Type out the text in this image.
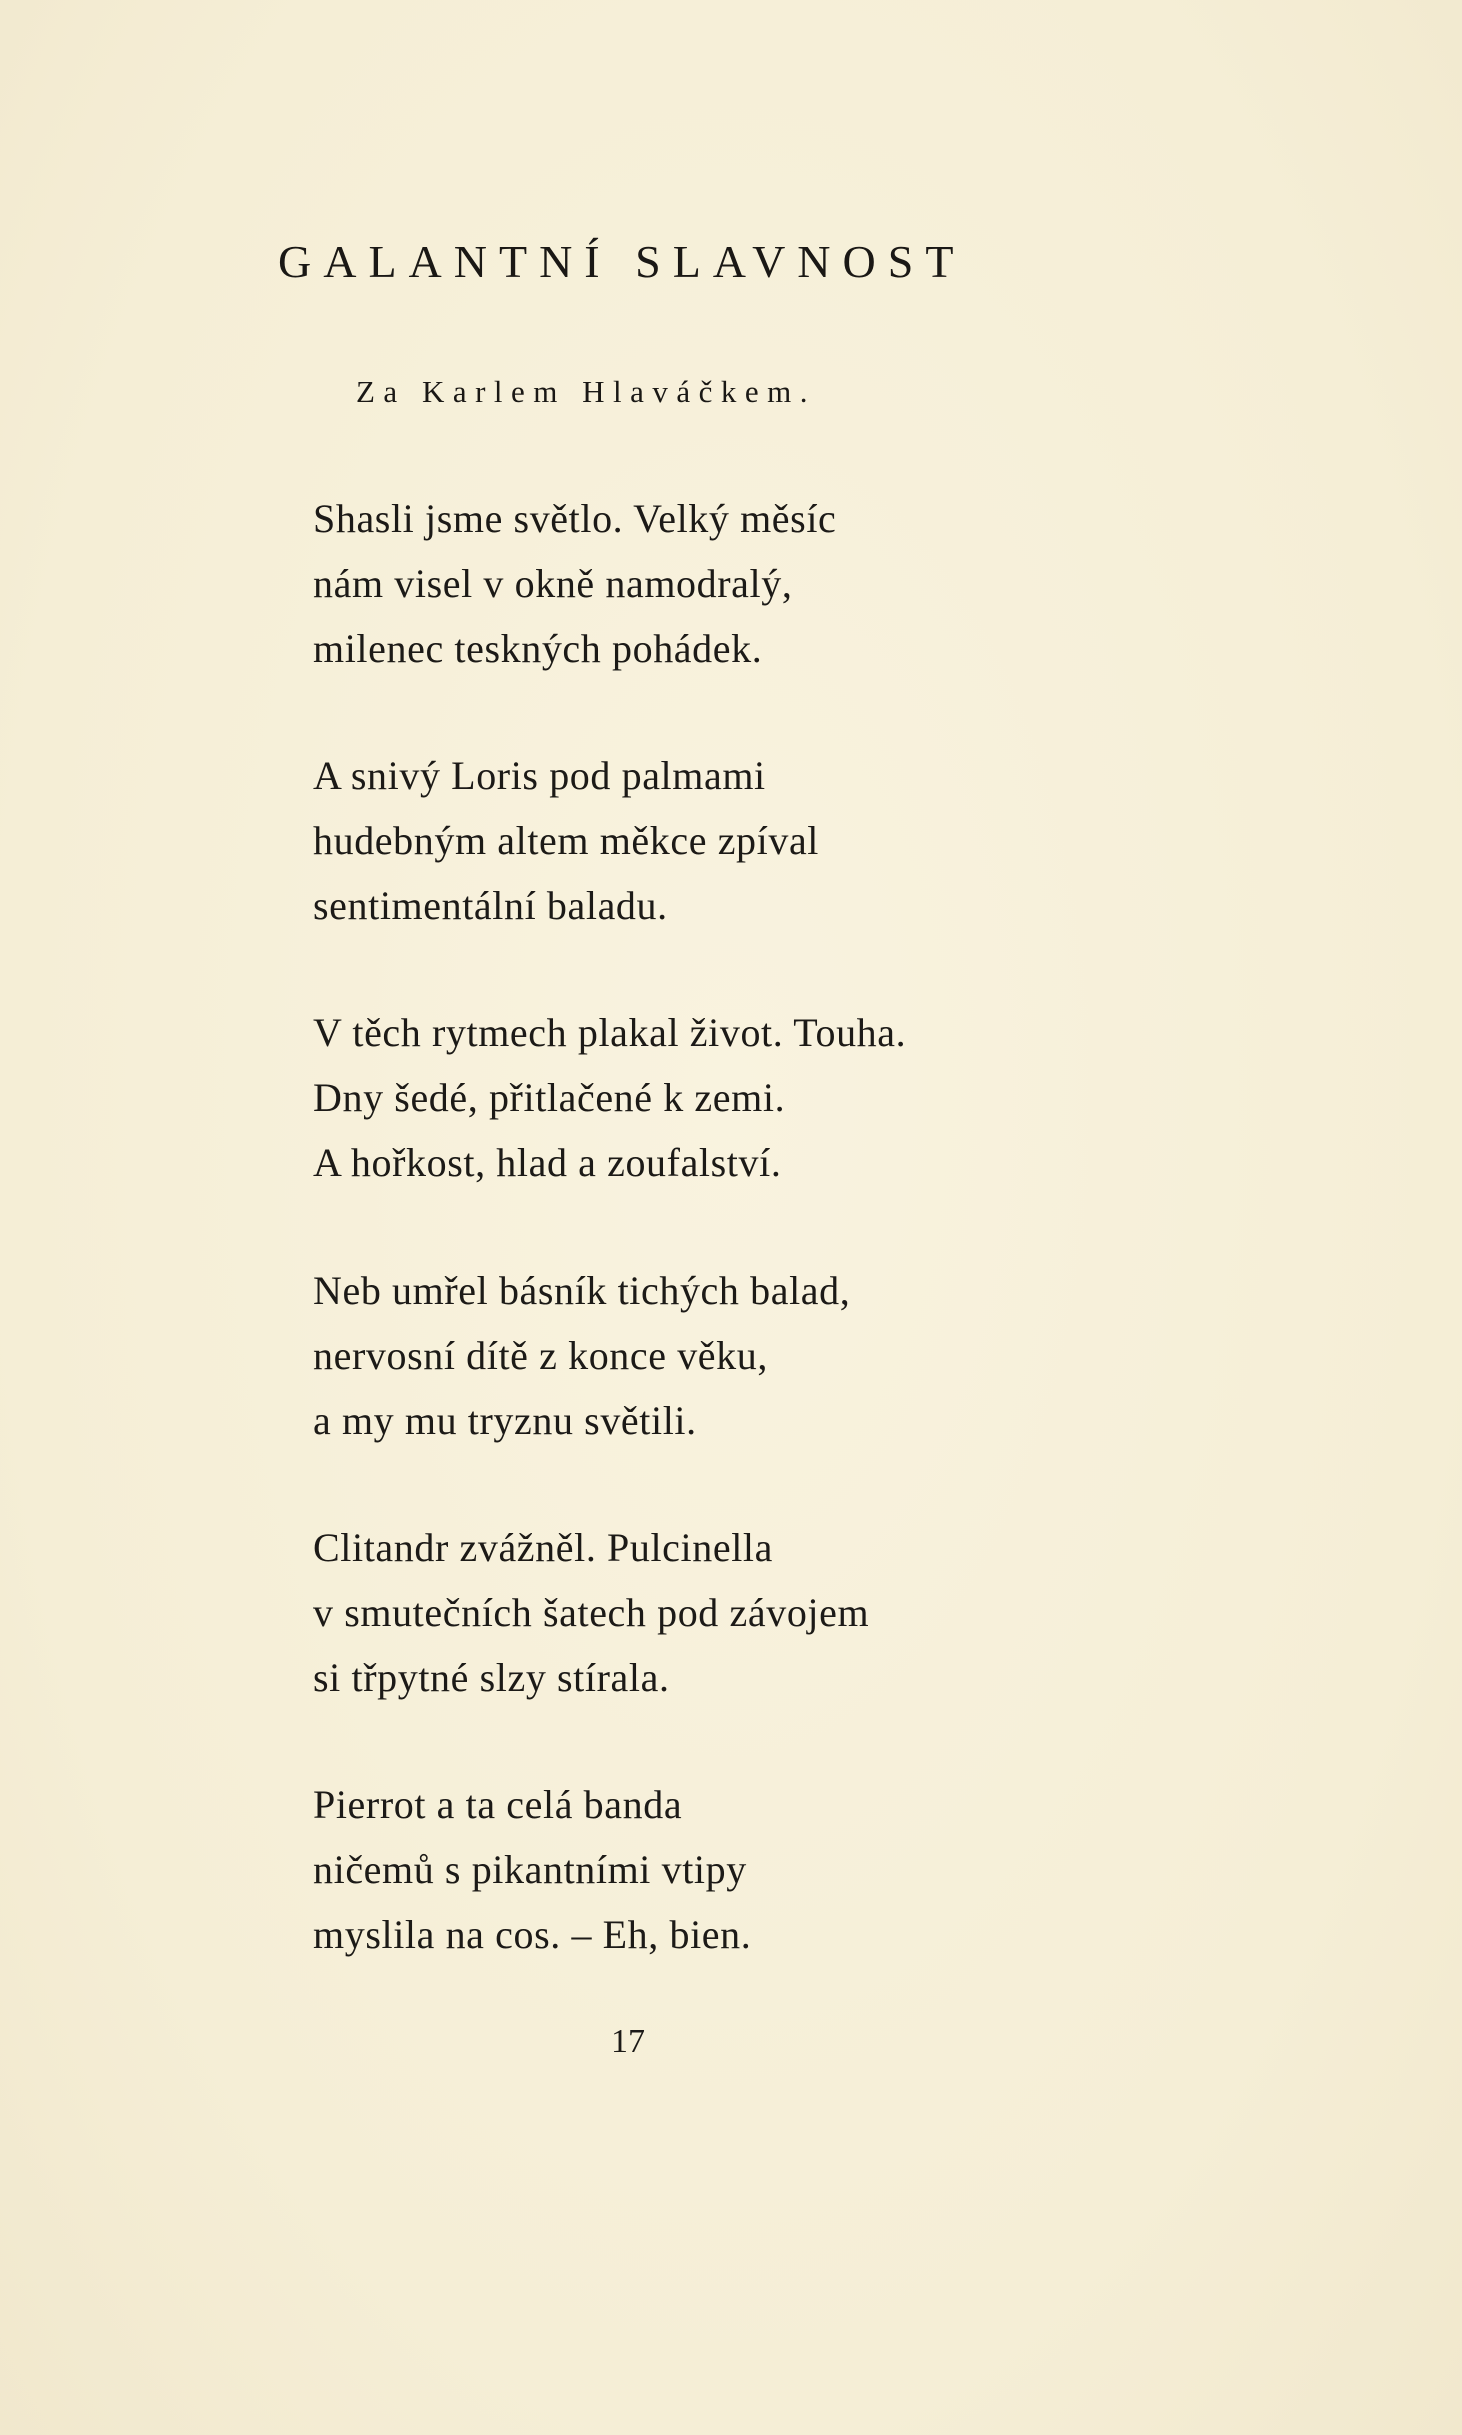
GALANTNÍ SLAVNOST
Za Karlem Hlaváčkem.
Shasli jsme světlo. Velký měsíc
nám visel v okně namodralý,
milenec teskných pohádek.
A snivý Loris pod palmami
hudebným altem měkce zpíval
sentimentální baladu.
V těch rytmech plakal život. Touha.
Dny šedé, přitlačené k zemi.
A hořkost, hlad a zoufalství.
Neb umřel básník tichých balad,
nervosní dítě z konce věku,
a my mu tryznu světili.
Clitandr zvážněl. Pulcinella
v smutečních šatech pod závojem
si třpytné slzy stírala.
Pierrot a ta celá banda
ničemů s pikantními vtipy
myslila na cos. – Eh, bien.
17
